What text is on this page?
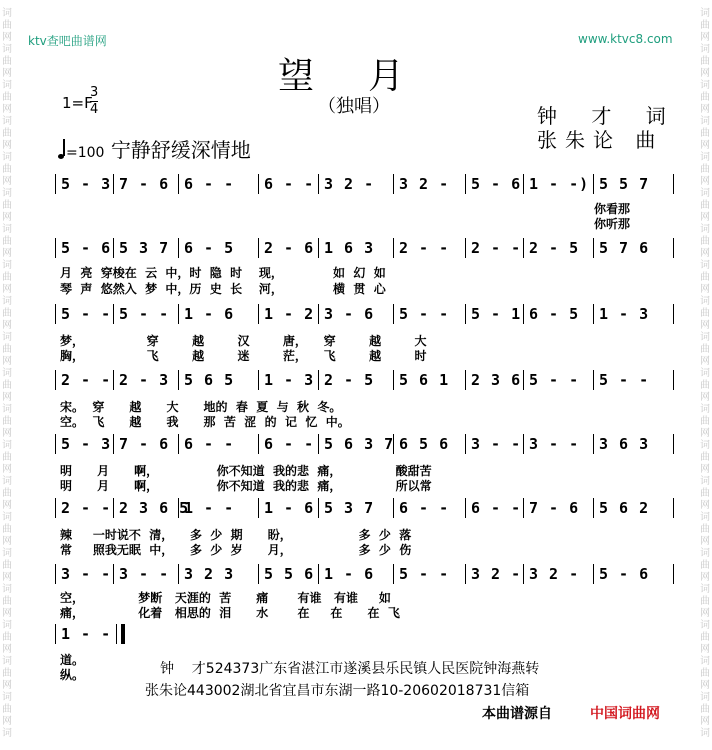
词
曲
网
词
曲
网
词
曲
网
词
曲
网
词
曲
网
词
曲
网
词
曲
网
词
曲
网
词
曲
网
词
曲
网
词
曲
网
词
曲
网
词
曲
网
词
曲
网
词
曲
网
词
曲
网
词
曲
网
词
曲
网
词
曲
网
词
曲
网
词
词
曲
网
词
曲
网
词
曲
网
词
曲
网
词
曲
网
词
曲
网
词
曲
网
词
曲
网
词
曲
网
词
曲
网
词
曲
网
词
曲
网
词
曲
网
词
曲
网
词
曲
网
词
曲
网
词
曲
网
词
曲
网
词
曲
网
词
曲
网
词
ktv查吧曲谱网	www.ktvc8.com
望月
（独唱）
1=F
3
4	钟 才 词
张朱论 曲
=100 宁静舒缓深情地
5 - 3 7 - 6 6 - - 6 - - 3 2 - 3 2 - 5 - 6 1 - -) 5 5 7
5 - 6 5 3 7 6 - 5 2 - 6 1 6 3 2 - - 2 - - 2 - 5 5 7 6
5 - - 5 - - 1 - 6 1 - 2 3 - 6 5 - - 5 - 1 6 - 5 1 - 3
2 - - 2 - 3 5 6 5 1 - 3 2 - 5 5 6 1 2 3 6 5 - - 5 - -
5 - 3 7 - 6 6 - - 6 - - 5 6 3 7 6 5 6 3 - - 3 - - 3 6 3
2 - - 2 3 6 5
1 - - 1 - 6 5 3 7 6 - - 6 - - 7 - 6 5 6 2
3 - - 3 - - 3 2 3 5 5 6 1 - 6 5 - - 3 2 - 3 2 - 5 - 6
1 - -
你看那
你听那
月  亮  穿梭在  云  中，时  隐  时    现，            如  幻  如
琴  声  悠然入  梦  中，历  史  长    河，            横  贯  心
梦，               穿        越        汉        唐，    穿        越        大
胸，               飞        越        迷        茫，    飞        越        时
宋。  穿      越      大      地的  春  夏  与  秋  冬。
空。  飞      越      我      那  苦  涩  的  记  忆  中。
明      月      啊，              你不知道  我的悲  痛，             酸甜苦
明      月      啊，              你不知道  我的悲  痛，             所以常
辣     一时说不  清，    多  少  期      盼，                多  少  落
常     照我无眠  中，    多  少  岁      月，                多  少  伤
空，             梦断   天涯的  苦      痛       有谁   有谁     如
痛，             化着   相思的  泪      水       在     在      在  飞
道。
纵。	钟    才524373广东省湛江市遂溪县乐民镇人民医院钟海燕转
张朱论443002湖北省宜昌市东湖一路10-20602018731信箱
本曲谱源自	中国词曲网
